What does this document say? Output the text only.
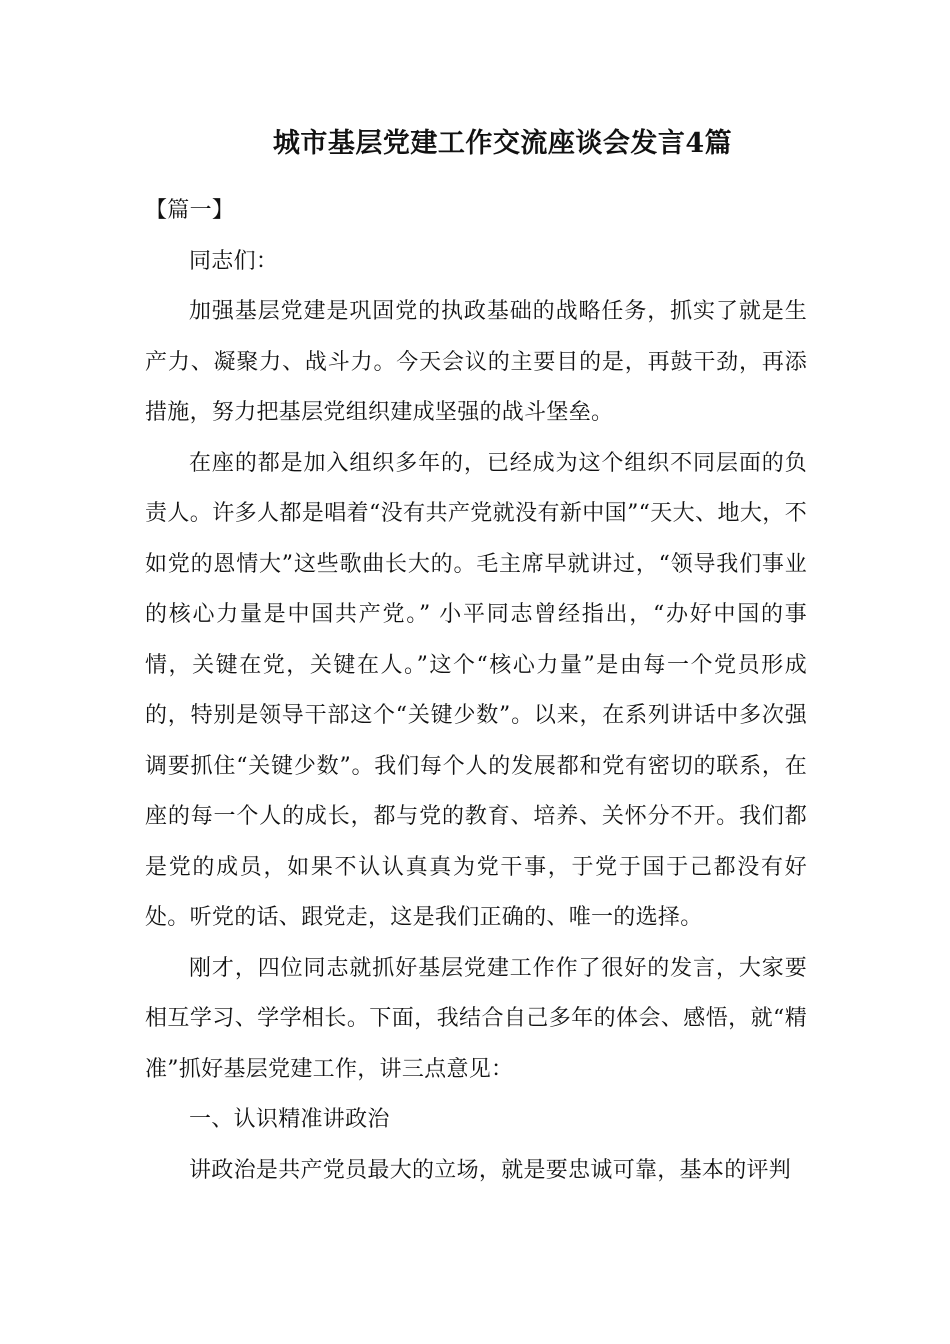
城市基层党建工作交流座谈会发言4篇

【篇一】

同志们：

加强基层党建是巩固党的执政基础的战略任务，抓实了就是生产力、凝聚力、战斗力。今天会议的主要目的是，再鼓干劲，再添措施，努力把基层党组织建成坚强的战斗堡垒。

在座的都是加入组织多年的，已经成为这个组织不同层面的负责人。许多人都是唱着“没有共产党就没有新中国”“天大、地大，不如党的恩情大”这些歌曲长大的。毛主席早就讲过，“领导我们事业的核心力量是中国共产党。” 小平同志曾经指出，“办好中国的事情，关键在党，关键在人。”这个“核心力量”是由每一个党员形成的，特别是领导干部这个“关键少数”。以来，在系列讲话中多次强调要抓住“关键少数”。我们每个人的发展都和党有密切的联系，在座的每一个人的成长，都与党的教育、培养、关怀分不开。我们都是党的成员，如果不认认真真为党干事，于党于国于己都没有好处。听党的话、跟党走，这是我们正确的、唯一的选择。

刚才，四位同志就抓好基层党建工作作了很好的发言，大家要相互学习、学学相长。下面，我结合自己多年的体会、感悟，就“精准”抓好基层党建工作，讲三点意见：

一、认识精准讲政治

讲政治是共产党员最大的立场，就是要忠诚可靠，基本的评判
